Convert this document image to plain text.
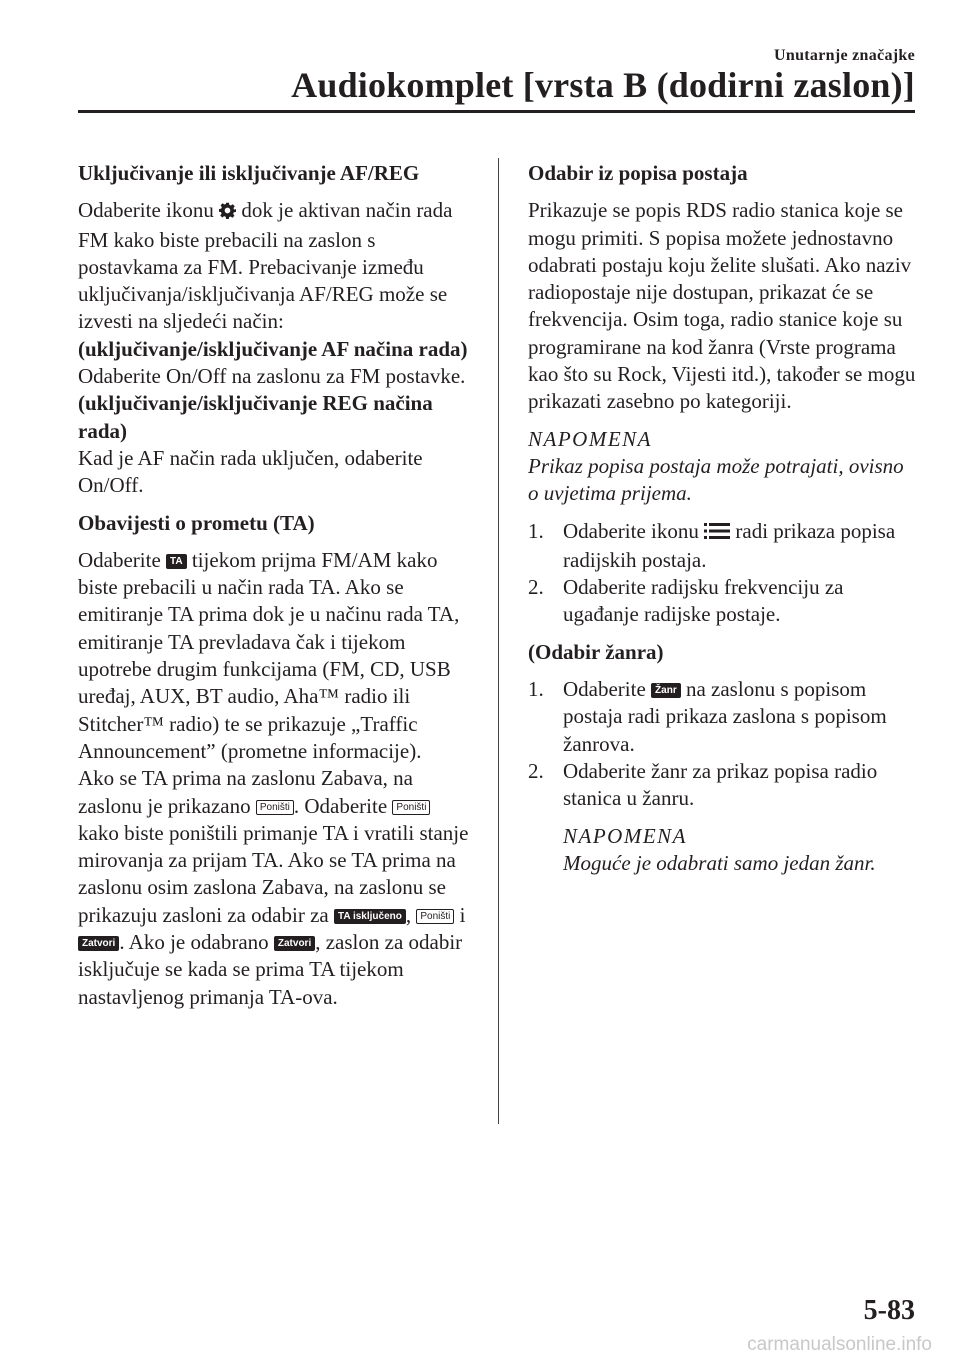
Unutarnje značajke
Audiokomplet [vrsta B (dodirni zaslon)]

Uključivanje ili isključivanje AF/REG

Odaberite ikonu dok je aktivan način rada FM kako biste prebacili na zaslon s postavkama za FM. Prebacivanje između uključivanja/isključivanja AF/REG može se izvesti na sljedeći način:

(uključivanje/isključivanje AF načina rada)

Odaberite On/Off na zaslonu za FM postavke.

(uključivanje/isključivanje REG načina rada)

Kad je AF način rada uključen, odaberite On/Off.

Obavijesti o prometu (TA)

Odaberite TA tijekom prijma FM/AM kako biste prebacili u način rada TA. Ako se emitiranje TA prima dok je u načinu rada TA, emitiranje TA prevladava čak i tijekom upotrebe drugim funkcijama (FM, CD, USB uređaj, AUX, BT audio, Aha™ radio ili Stitcher™ radio) te se prikazuje „Traffic Announcement” (prometne informacije).

Ako se TA prima na zaslonu Zabava, na zaslonu je prikazano Poništi . Odaberite Poništi kako biste poništili primanje TA i vratili stanje mirovanja za prijam TA. Ako se TA prima na zaslonu osim zaslona Zabava, na zaslonu se prikazuju zasloni za odabir za TA isključeno , Poništi i Zatvori . Ako je odabrano Zatvori , zaslon za odabir isključuje se kada se prima TA tijekom nastavljenog primanja TA-ova.

Odabir iz popisa postaja

Prikazuje se popis RDS radio stanica koje se mogu primiti. S popisa možete jednostavno odabrati postaju koju želite slušati. Ako naziv radiopostaje nije dostupan, prikazat će se frekvencija. Osim toga, radio stanice koje su programirane na kod žanra (Vrste programa kao što su Rock, Vijesti itd.), također se mogu prikazati zasebno po kategoriji.

NAPOMENA

Prikaz popisa postaja može potrajati, ovisno o uvjetima prijema.

1. Odaberite ikonu radi prikaza popisa radijskih postaja.

2. Odaberite radijsku frekvenciju za ugađanje radijske postaje.

(Odabir žanra)

1. Odaberite Žanr na zaslonu s popisom postaja radi prikaza zaslona s popisom žanrova.

2. Odaberite žanr za prikaz popisa radio stanica u žanru.

NAPOMENA

Moguće je odabrati samo jedan žanr.

5-83
carmanualsonline.info
